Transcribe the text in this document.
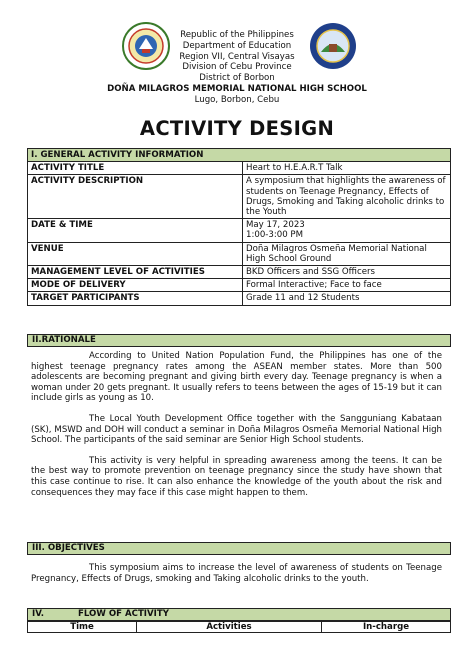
Republic of the Philippines
Department of Education
Region VII, Central Visayas
Division of Cebu Province
District of Borbon
DOÑA MILAGROS MEMORIAL NATIONAL HIGH SCHOOL
Lugo, Borbon, Cebu
ACTIVITY DESIGN
I. GENERAL ACTIVITY INFORMATION	
ACTIVITY TITLE	Heart to H.E.A.R.T Talk
ACTIVITY DESCRIPTION	A symposium that highlights the awareness of students on Teenage Pregnancy, Effects of Drugs, Smoking and Taking alcoholic drinks to the Youth
DATE & TIME	May 17, 2023
1:00-3:00 PM

VENUE	Doña Milagros Osmeña Memorial National High School Ground
MANAGEMENT LEVEL OF ACTIVITIES	BKD Officers and SSG Officers
MODE OF DELIVERY	Formal Interactive; Face to face
TARGET PARTICIPANTS	Grade 11 and 12 Students
II.RATIONALE

According to United Nation Population Fund, the Philippines has one of the highest teenage pregnancy rates among the ASEAN member states. More than 500 adolescents are becoming pregnant and giving birth every day. Teenage pregnancy is when a woman under 20 gets pregnant. It usually refers to teens between the ages of 15-19 but it can include girls as young as 10.

The Local Youth Development Office together with the Sangguniang Kabataan (SK), MSWD and DOH will conduct a seminar in Doña Milagros Osmeña Memorial National High School. The participants of the said seminar are Senior High School students.

This activity is very helpful in spreading awareness among the teens. It can be the best way to promote prevention on teenage pregnancy since the study have shown that this case continue to rise. It can also enhance the knowledge of the youth about the risk and consequences they may face if this case might happen to them.

III. OBJECTIVES

This symposium aims to increase the level of awareness of students on Teenage Pregnancy, Effects of Drugs, smoking and Taking alcoholic drinks to the youth.

IV.	FLOW OF ACTIVITY
Time	Activities	In-charge
